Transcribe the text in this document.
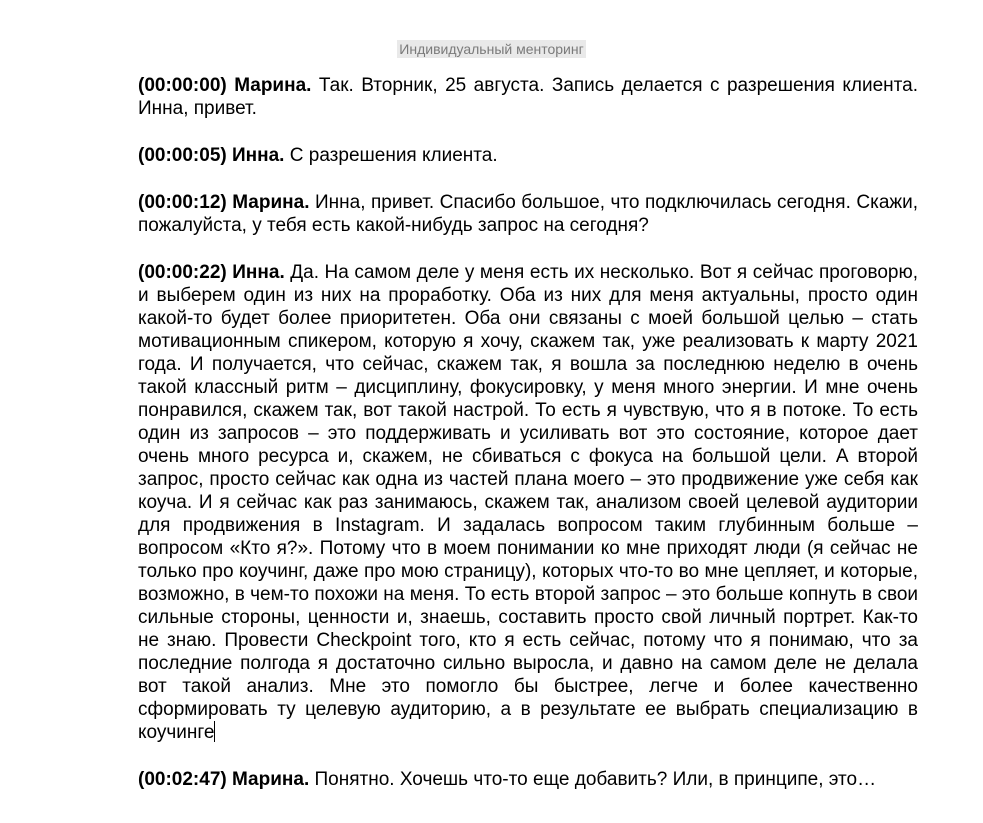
Индивидуальный менторинг

(00:00:00) Марина. Так. Вторник, 25 августа. Запись делается с разрешения клиента. Инна, привет.

(00:00:05) Инна. С разрешения клиента.

(00:00:12) Марина. Инна, привет. Спасибо большое, что подключилась сегодня. Скажи, пожалуйста, у тебя есть какой-нибудь запрос на сегодня?

(00:00:22) Инна. Да. На самом деле у меня есть их несколько. Вот я сейчас проговорю, и выберем один из них на проработку. Оба из них для меня актуальны, просто один какой-то будет более приоритетен. Оба они связаны с моей большой целью – стать мотивационным спикером, которую я хочу, скажем так, уже реализовать к марту 2021 года. И получается, что сейчас, скажем так, я вошла за последнюю неделю в очень такой классный ритм – дисциплину, фокусировку, у меня много энергии. И мне очень понравился, скажем так, вот такой настрой. То есть я чувствую, что я в потоке. То есть один из запросов – это поддерживать и усиливать вот это состояние, которое дает очень много ресурса и, скажем, не сбиваться с фокуса на большой цели. А второй запрос, просто сейчас как одна из частей плана моего – это продвижение уже себя как коуча. И я сейчас как раз занимаюсь, скажем так, анализом своей целевой аудитории для продвижения в Instagram. И задалась вопросом таким глубинным больше – вопросом «Кто я?». Потому что в моем понимании ко мне приходят люди (я сейчас не только про коучинг, даже про мою страницу), которых что-то во мне цепляет, и которые, возможно, в чем-то похожи на меня. То есть второй запрос – это больше копнуть в свои сильные стороны, ценности и, знаешь, составить просто свой личный портрет. Как-то не знаю. Провести Checkpoint того, кто я есть сейчас, потому что я понимаю, что за последние полгода я достаточно сильно выросла, и давно на самом деле не делала вот такой анализ. Мне это помогло бы быстрее, легче и более качественно сформировать ту целевую аудиторию, а в результате ее выбрать специализацию в коучинге

(00:02:47) Марина. Понятно. Хочешь что-то еще добавить? Или, в принципе, это…
